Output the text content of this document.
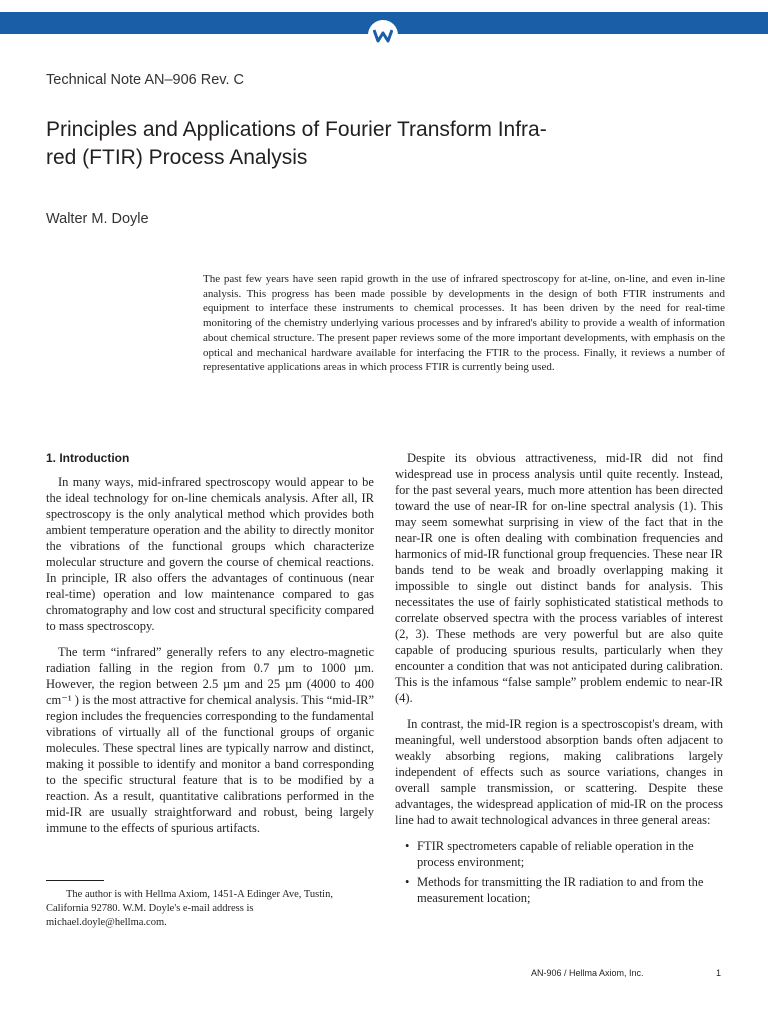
Technical Note AN–906 Rev. C
Principles and Applications of Fourier Transform Infra-
red (FTIR) Process Analysis
Walter M. Doyle
The past few years have seen rapid growth in the use of infrared spectroscopy for at-line, on-line, and even in-line analysis. This progress has been made possible by developments in the design of both FTIR instruments and equipment to interface these instruments to chemical processes. It has been driven by the need for real-time monitoring of the chemistry underlying various processes and by infrared's ability to provide a wealth of information about chemical structure. The present paper reviews some of the more important developments, with emphasis on the optical and mechanical hardware available for interfacing the FTIR to the process. Finally, it reviews a number of representative applications areas in which process FTIR is currently being used.
1. Introduction

In many ways, mid-infrared spectroscopy would appear to be the ideal technology for on-line chemicals analysis. After all, IR spectroscopy is the only analytical method which provides both ambient temperature operation and the ability to directly monitor the vibrations of the functional groups which characterize molecular structure and govern the course of chemical reactions. In principle, IR also offers the advantages of continuous (near real-time) operation and low maintenance compared to gas chromatography and low cost and structural specificity compared to mass spectroscopy.

The term “infrared” generally refers to any electro-magnetic radiation falling in the region from 0.7 µm to 1000 µm. However, the region between 2.5 µm and 25 µm (4000 to 400 cm⁻¹ ) is the most attractive for chemical analysis. This “mid-IR” region includes the frequencies corresponding to the fundamental vibrations of virtually all of the functional groups of organic molecules. These spectral lines are typically narrow and distinct, making it possible to identify and monitor a band corresponding to the specific structural feature that is to be modified by a reaction. As a result, quantitative calibrations performed in the mid-IR are usually straightforward and robust, being largely immune to the effects of spurious artifacts.

Despite its obvious attractiveness, mid-IR did not find widespread use in process analysis until quite recently. Instead, for the past several years, much more attention has been directed toward the use of near-IR for on-line spectral analysis (1). This may seem somewhat surprising in view of the fact that in the near-IR one is often dealing with combination frequencies and harmonics of mid-IR functional group frequencies. These near IR bands tend to be weak and broadly overlapping making it impossible to single out distinct bands for analysis. This necessitates the use of fairly sophisticated statistical methods to correlate observed spectra with the process variables of interest (2, 3). These methods are very powerful but are also quite capable of producing spurious results, particularly when they encounter a condition that was not anticipated during calibration. This is the infamous “false sample” problem endemic to near-IR (4).

In contrast, the mid-IR region is a spectroscopist's dream, with meaningful, well understood absorption bands often adjacent to weakly absorbing regions, making calibrations largely independent of effects such as source variations, changes in overall sample transmission, or scattering. Despite these advantages, the widespread application of mid-IR on the process line had to await technological advances in three general areas:

• FTIR spectrometers capable of reliable operation in the process environment;
• Methods for transmitting the IR radiation to and from the measurement location;
The author is with Hellma Axiom, 1451-A Edinger Ave, Tustin, California 92780. W.M. Doyle's e-mail address is michael.doyle@hellma.com.
AN-906 / Hellma Axiom, Inc.	1
